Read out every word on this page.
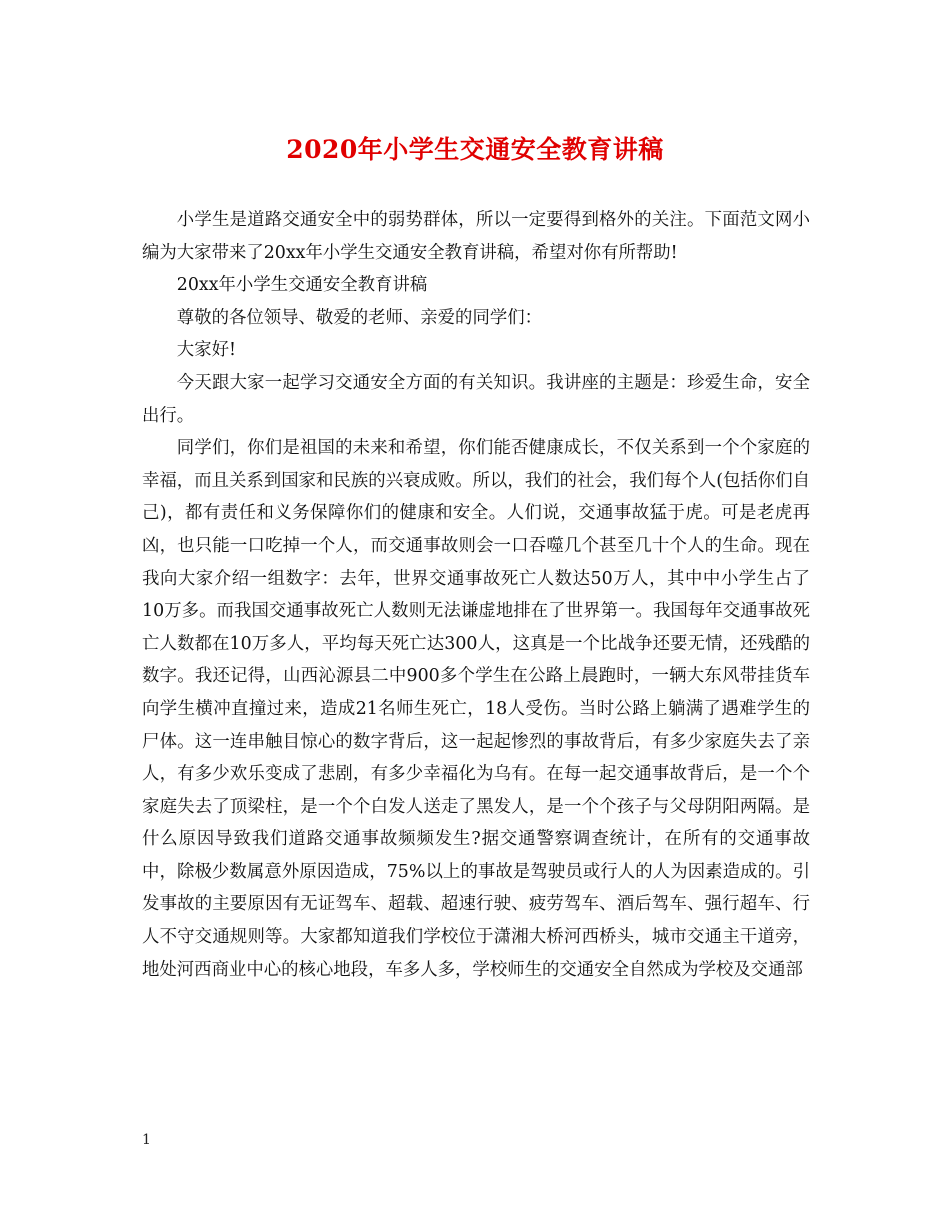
2020年小学生交通安全教育讲稿

小学生是道路交通安全中的弱势群体，所以一定要得到格外的关注。下面范文网小编为大家带来了20xx年小学生交通安全教育讲稿，希望对你有所帮助!

20xx年小学生交通安全教育讲稿

尊敬的各位领导、敬爱的老师、亲爱的同学们：

大家好!

今天跟大家一起学习交通安全方面的有关知识。我讲座的主题是：珍爱生命，安全出行。

同学们，你们是祖国的未来和希望，你们能否健康成长，不仅关系到一个个家庭的幸福，而且关系到国家和民族的兴衰成败。所以，我们的社会，我们每个人(包括你们自己)，都有责任和义务保障你们的健康和安全。人们说，交通事故猛于虎。可是老虎再凶，也只能一口吃掉一个人，而交通事故则会一口吞噬几个甚至几十个人的生命。现在我向大家介绍一组数字：去年，世界交通事故死亡人数达50万人，其中中小学生占了10万多。而我国交通事故死亡人数则无法谦虚地排在了世界第一。我国每年交通事故死亡人数都在10万多人，平均每天死亡达300人，这真是一个比战争还要无情，还残酷的数字。我还记得，山西沁源县二中900多个学生在公路上晨跑时，一辆大东风带挂货车向学生横冲直撞过来，造成21名师生死亡，18人受伤。当时公路上躺满了遇难学生的尸体。这一连串触目惊心的数字背后，这一起起惨烈的事故背后，有多少家庭失去了亲人，有多少欢乐变成了悲剧，有多少幸福化为乌有。在每一起交通事故背后，是一个个家庭失去了顶梁柱，是一个个白发人送走了黑发人，是一个个孩子与父母阴阳两隔。是什么原因导致我们道路交通事故频频发生?据交通警察调查统计，在所有的交通事故中，除极少数属意外原因造成，75%以上的事故是驾驶员或行人的人为因素造成的。引发事故的主要原因有无证驾车、超载、超速行驶、疲劳驾车、酒后驾车、强行超车、行人不守交通规则等。大家都知道我们学校位于潇湘大桥河西桥头，城市交通主干道旁，地处河西商业中心的核心地段，车多人多，学校师生的交通安全自然成为学校及交通部

1
